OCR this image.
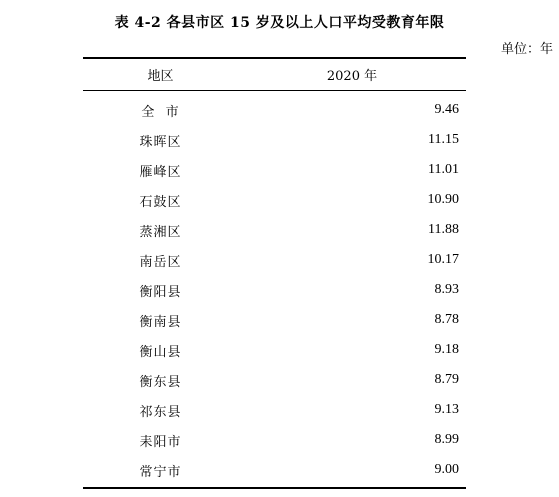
表 4-2 各县市区 15 岁及以上人口平均受教育年限
单位：年
地区	2020 年
全  市	9.46
珠晖区	11.15
雁峰区	11.01
石鼓区	10.90
蒸湘区	11.88
南岳区	10.17
衡阳县	8.93
衡南县	8.78
衡山县	9.18
衡东县	8.79
祁东县	9.13
耒阳市	8.99
常宁市	9.00
